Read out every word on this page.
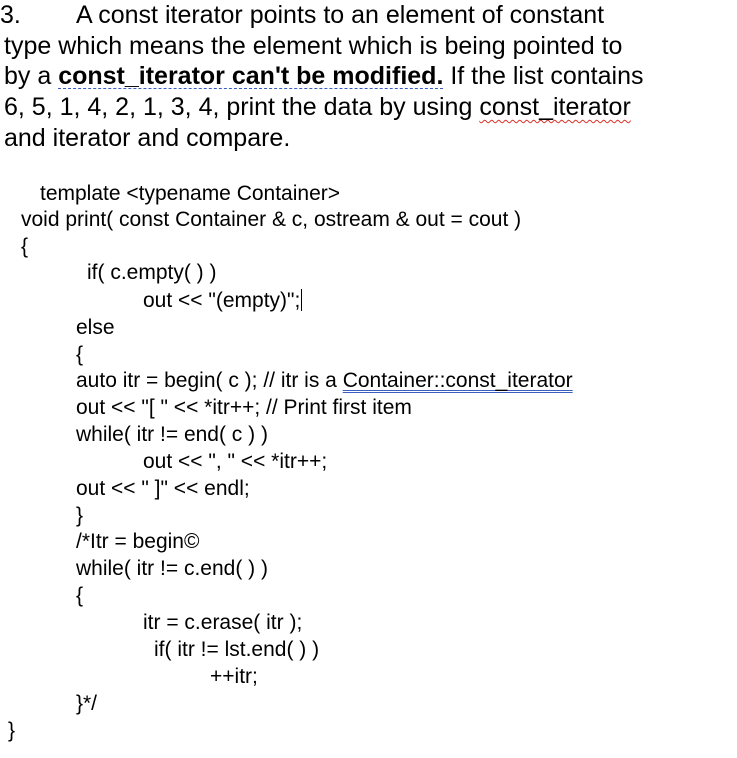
3. A const iterator points to an element of constant
type which means the element which is being pointed to
by a const_iterator can't be modified. If the list contains
6, 5, 1, 4, 2, 1, 3, 4, print the data by using const_iterator
and iterator and compare.
template <typename Container>
void print( const Container & c, ostream & out = cout )
{
if( c.empty( ) )
out << "(empty)";
else
{
auto itr = begin( c ); // itr is a Container::const_iterator
out << "[ " << *itr++; // Print first item
while( itr != end( c ) )
out << ", " << *itr++;
out << " ]" << endl;
}
/*Itr = begin©
while( itr != c.end( ) )
{
itr = c.erase( itr );
if( itr != lst.end( ) )
++itr;
}*/
}
